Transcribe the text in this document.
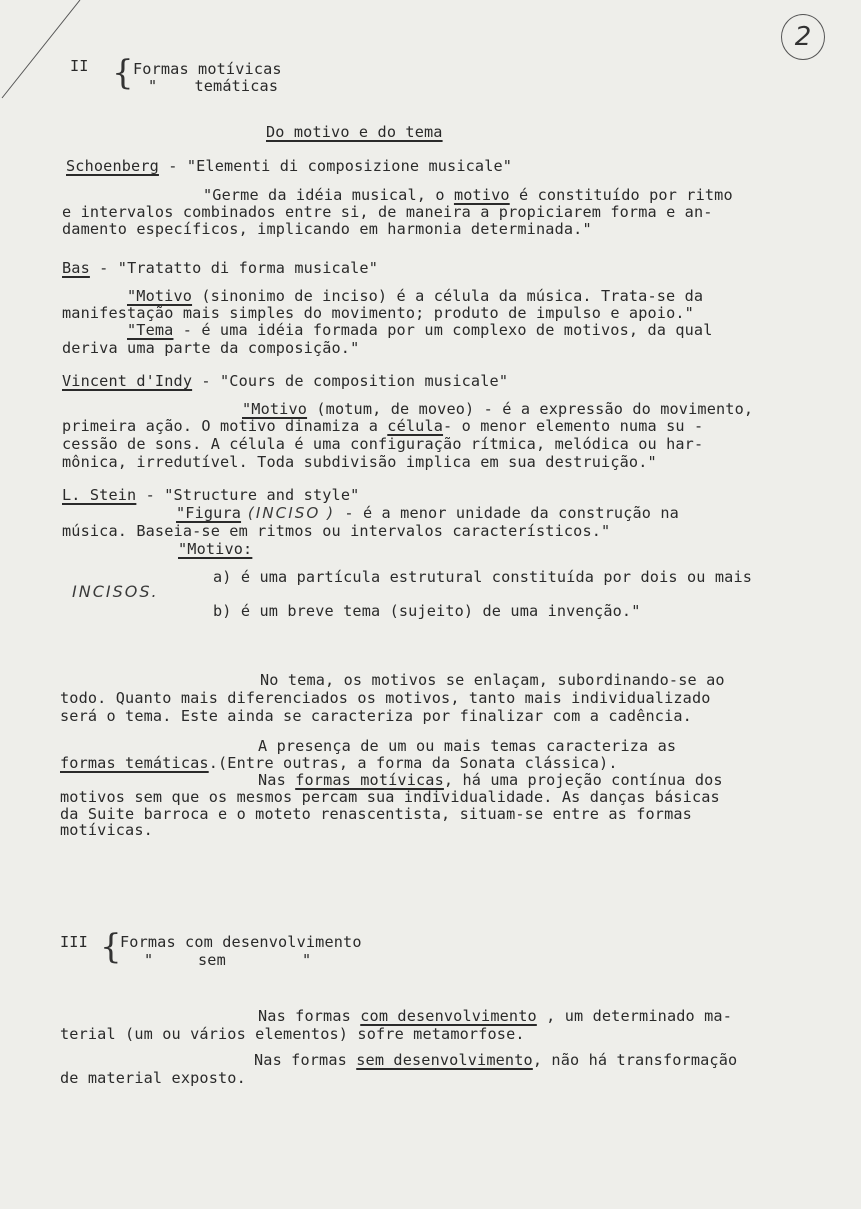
2
II { Formas motívicas
"    temáticas
Do motivo e do tema
Schoenberg - "Elementi di composizione musicale"
"Germe da idéia musical, o motivo é constituído por ritmo
e intervalos combinados entre si, de maneira a propiciarem forma e an-
damento específicos, implicando em harmonia determinada."
Bas - "Tratatto di forma musicale"
"Motivo (sinonimo de inciso) é a célula da música. Trata-se da
manifestação mais simples do movimento; produto de impulso e apoio."
"Tema - é uma idéia formada por um complexo de motivos, da qual
deriva uma parte da composição."
Vincent d'Indy - "Cours de composition musicale"
"Motivo (motum, de moveo) - é a expressão do movimento,
primeira ação. O motivo dinamiza a célula- o menor elemento numa su -
cessão de sons. A célula é uma configuração rítmica, melódica ou har-
mônica, irredutível. Toda subdivisão implica em sua destruição."
L. Stein - "Structure and style"
"Figura (INCISO ) - é a menor unidade da construção na
música. Baseia-se em ritmos ou intervalos característicos."
"Motivo:
a) é uma partícula estrutural constituída por dois ou mais
INCISOS.
b) é um breve tema (sujeito) de uma invenção."
No tema, os motivos se enlaçam, subordinando-se ao
todo. Quanto mais diferenciados os motivos, tanto mais individualizado
será o tema. Este ainda se caracteriza por finalizar com a cadência.
A presença de um ou mais temas caracteriza as
formas temáticas.(Entre outras, a forma da Sonata clássica).
Nas formas motívicas, há uma projeção contínua dos
motivos sem que os mesmos percam sua individualidade. As danças básicas
da Suite barroca e o moteto renascentista, situam-se entre as formas
motívicas.
III {
Formas com desenvolvimento
"	sem	"
Nas formas com desenvolvimento , um determinado ma-
terial (um ou vários elementos) sofre metamorfose.
Nas formas sem desenvolvimento, não há transformação
de material exposto.
